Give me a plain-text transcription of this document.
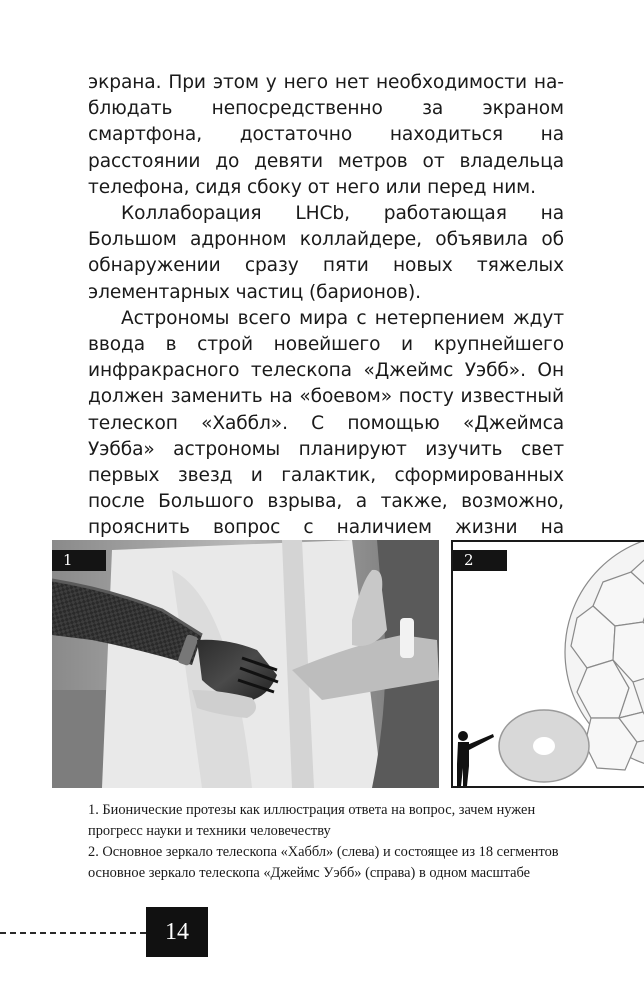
экрана. При этом у него нет необходимости наблюдать непосредственно за экраном смартфона, достаточно находиться на расстоянии до девяти метров от владельца телефона, сидя сбоку от него или перед ним.

Коллаборация LHCb, работающая на Большом адронном коллайдере, объявила об обнаружении сразу пяти новых тяжелых элементарных частиц (барионов).

Астрономы всего мира с нетерпением ждут ввода в строй новейшего и крупнейшего инфракрасного телескопа «Джеймс Уэбб». Он должен заменить на «боевом» посту известный телескоп «Хаббл». С помощью «Джеймса Уэбба» астрономы планируют изучить свет первых звезд и галактик, сформированных после Большого взрыва, а также, возможно, прояснить вопрос с наличием жизни на

1	2

1. Бионические протезы как иллюстрация ответа на вопрос, зачем нужен прогресс науки и техники человечеству

2. Основное зеркало телескопа «Хаббл» (слева) и состоящее из 18 сегментов основное зеркало телескопа «Джеймс Уэбб» (справа) в одном масштабе

14
